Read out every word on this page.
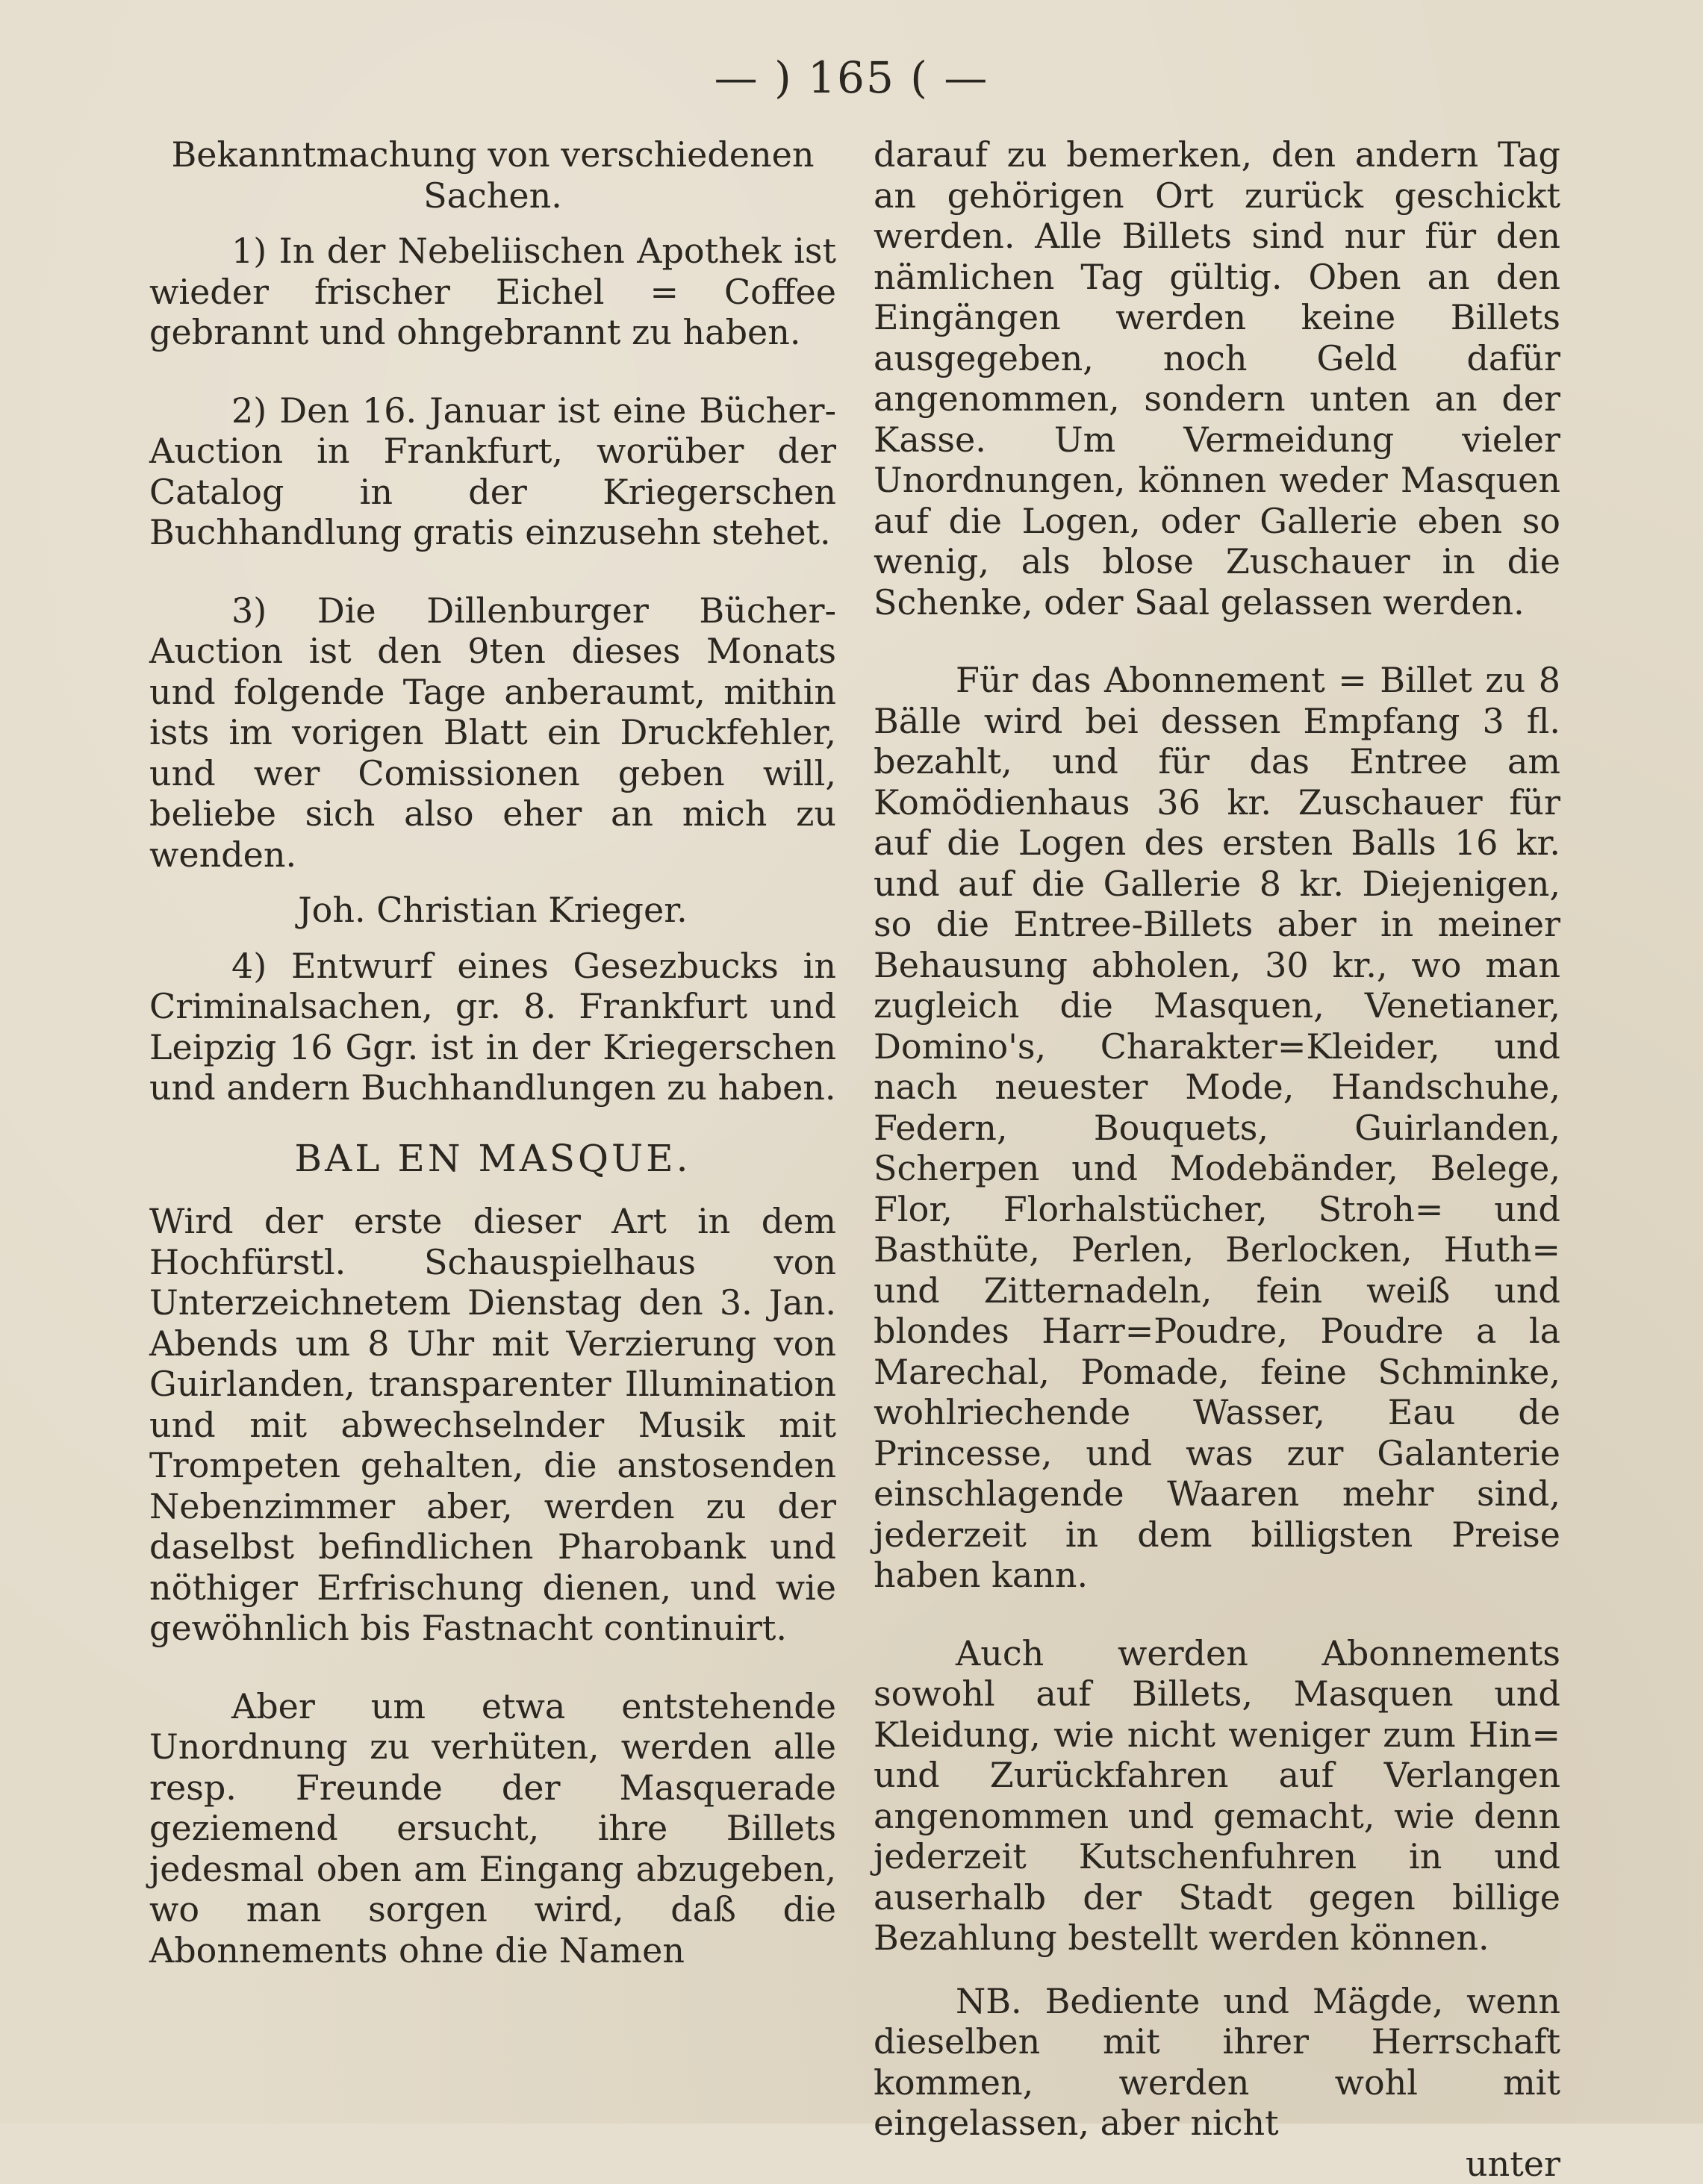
— ) 165 ( —

Bekanntmachung von verschiedenen Sachen.

1) In der Nebeliischen Apothek ist wieder frischer Eichel = Coffee gebrannt und ohngebrannt zu haben.

2) Den 16. Januar ist eine Bücher-Auction in Frankfurt, worüber der Catalog in der Kriegerschen Buchhandlung gratis einzusehn stehet.

3) Die Dillenburger Bücher-Auction ist den 9ten dieses Monats und folgende Tage anberaumt, mithin ists im vorigen Blatt ein Druckfehler, und wer Comissionen geben will, beliebe sich also eher an mich zu wenden.

Joh. Christian Krieger.

4) Entwurf eines Gesezbucks in Criminalsachen, gr. 8. Frankfurt und Leipzig 16 Ggr. ist in der Kriegerschen und andern Buchhandlungen zu haben.

BAL EN MASQUE.

Wird der erste dieser Art in dem Hochfürstl. Schauspielhaus von Unterzeichnetem Dienstag den 3. Jan. Abends um 8 Uhr mit Verzierung von Guirlanden, transparenter Illumination und mit abwechselnder Musik mit Trompeten gehalten, die anstosenden Nebenzimmer aber, werden zu der daselbst befindlichen Pharobank und nöthiger Erfrischung dienen, und wie gewöhnlich bis Fastnacht continuirt.

Aber um etwa entstehende Unordnung zu verhüten, werden alle resp. Freunde der Masquerade geziemend ersucht, ihre Billets jedesmal oben am Eingang abzugeben, wo man sorgen wird, daß die Abonnements ohne die Namen

darauf zu bemerken, den andern Tag an gehörigen Ort zurück geschickt werden. Alle Billets sind nur für den nämlichen Tag gültig. Oben an den Eingängen werden keine Billets ausgegeben, noch Geld dafür angenommen, sondern unten an der Kasse. Um Vermeidung vieler Unordnungen, können weder Masquen auf die Logen, oder Gallerie eben so wenig, als blose Zuschauer in die Schenke, oder Saal gelassen werden.

Für das Abonnement = Billet zu 8 Bälle wird bei dessen Empfang 3 fl. bezahlt, und für das Entree am Komödienhaus 36 kr. Zuschauer für auf die Logen des ersten Balls 16 kr. und auf die Gallerie 8 kr. Diejenigen, so die Entree-Billets aber in meiner Behausung abholen, 30 kr., wo man zugleich die Masquen, Venetianer, Domino's, Charakter=Kleider, und nach neuester Mode, Handschuhe, Federn, Bouquets, Guirlanden, Scherpen und Modebänder, Belege, Flor, Florhalstücher, Stroh= und Basthüte, Perlen, Berlocken, Huth= und Zitternadeln, fein weiß und blondes Harr=Poudre, Poudre a la Marechal, Pomade, feine Schminke, wohlriechende Wasser, Eau de Princesse, und was zur Galanterie einschlagende Waaren mehr sind, jederzeit in dem billigsten Preise haben kann.

Auch werden Abonnements sowohl auf Billets, Masquen und Kleidung, wie nicht weniger zum Hin= und Zurückfahren auf Verlangen angenommen und gemacht, wie denn jederzeit Kutschenfuhren in und auserhalb der Stadt gegen billige Bezahlung bestellt werden können.

NB. Bediente und Mägde, wenn dieselben mit ihrer Herrschaft kommen, werden wohl mit eingelassen, aber nicht

unter
